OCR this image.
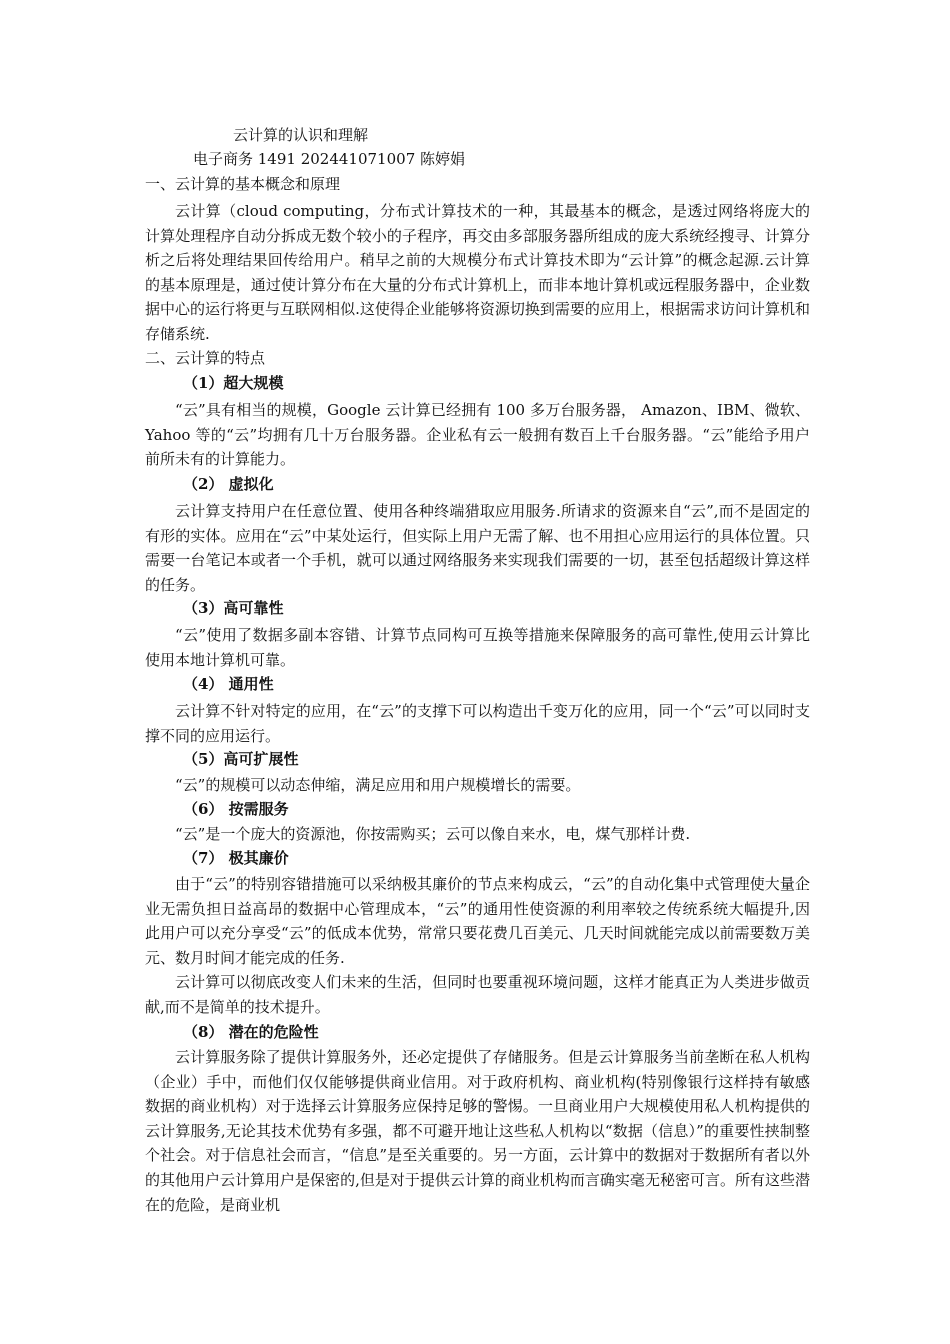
云计算的认识和理解
电子商务 1491 202441071007 陈婷娟
一、云计算的基本概念和原理

云计算（cloud computing，分布式计算技术的一种，其最基本的概念，是透过网络将庞大的计算处理程序自动分拆成无数个较小的子程序，再交由多部服务器所组成的庞大系统经搜寻、计算分析之后将处理结果回传给用户。稍早之前的大规模分布式计算技术即为“云计算”的概念起源.云计算的基本原理是，通过使计算分布在大量的分布式计算机上，而非本地计算机或远程服务器中，企业数据中心的运行将更与互联网相似.这使得企业能够将资源切换到需要的应用上，根据需求访问计算机和存储系统.

二、云计算的特点
（1）超大规模

“云”具有相当的规模，Google 云计算已经拥有 100 多万台服务器， Amazon、IBM、微软、Yahoo 等的“云”均拥有几十万台服务器。企业私有云一般拥有数百上千台服务器。“云”能给予用户前所未有的计算能力。

（2） 虚拟化

云计算支持用户在任意位置、使用各种终端猎取应用服务.所请求的资源来自“云”,而不是固定的有形的实体。应用在“云”中某处运行，但实际上用户无需了解、也不用担心应用运行的具体位置。只需要一台笔记本或者一个手机，就可以通过网络服务来实现我们需要的一切，甚至包括超级计算这样的任务。

（3）高可靠性

“云”使用了数据多副本容错、计算节点同构可互换等措施来保障服务的高可靠性,使用云计算比使用本地计算机可靠。

（4） 通用性

云计算不针对特定的应用，在“云”的支撑下可以构造出千变万化的应用，同一个“云”可以同时支撑不同的应用运行。

（5）高可扩展性

“云”的规模可以动态伸缩，满足应用和用户规模增长的需要。

（6） 按需服务

“云”是一个庞大的资源池，你按需购买；云可以像自来水，电，煤气那样计费.

（7） 极其廉价

由于“云”的特别容错措施可以采纳极其廉价的节点来构成云，“云”的自动化集中式管理使大量企业无需负担日益高昂的数据中心管理成本，“云”的通用性使资源的利用率较之传统系统大幅提升,因此用户可以充分享受“云”的低成本优势，常常只要花费几百美元、几天时间就能完成以前需要数万美元、数月时间才能完成的任务.

云计算可以彻底改变人们未来的生活，但同时也要重视环境问题，这样才能真正为人类进步做贡献,而不是简单的技术提升。

（8） 潜在的危险性

云计算服务除了提供计算服务外，还必定提供了存储服务。但是云计算服务当前垄断在私人机构（企业）手中，而他们仅仅能够提供商业信用。对于政府机构、商业机构(特别像银行这样持有敏感数据的商业机构）对于选择云计算服务应保持足够的警惕。一旦商业用户大规模使用私人机构提供的云计算服务,无论其技术优势有多强，都不可避开地让这些私人机构以“数据（信息）”的重要性挟制整个社会。对于信息社会而言，“信息”是至关重要的。另一方面，云计算中的数据对于数据所有者以外的其他用户云计算用户是保密的,但是对于提供云计算的商业机构而言确实毫无秘密可言。所有这些潜在的危险，是商业机
